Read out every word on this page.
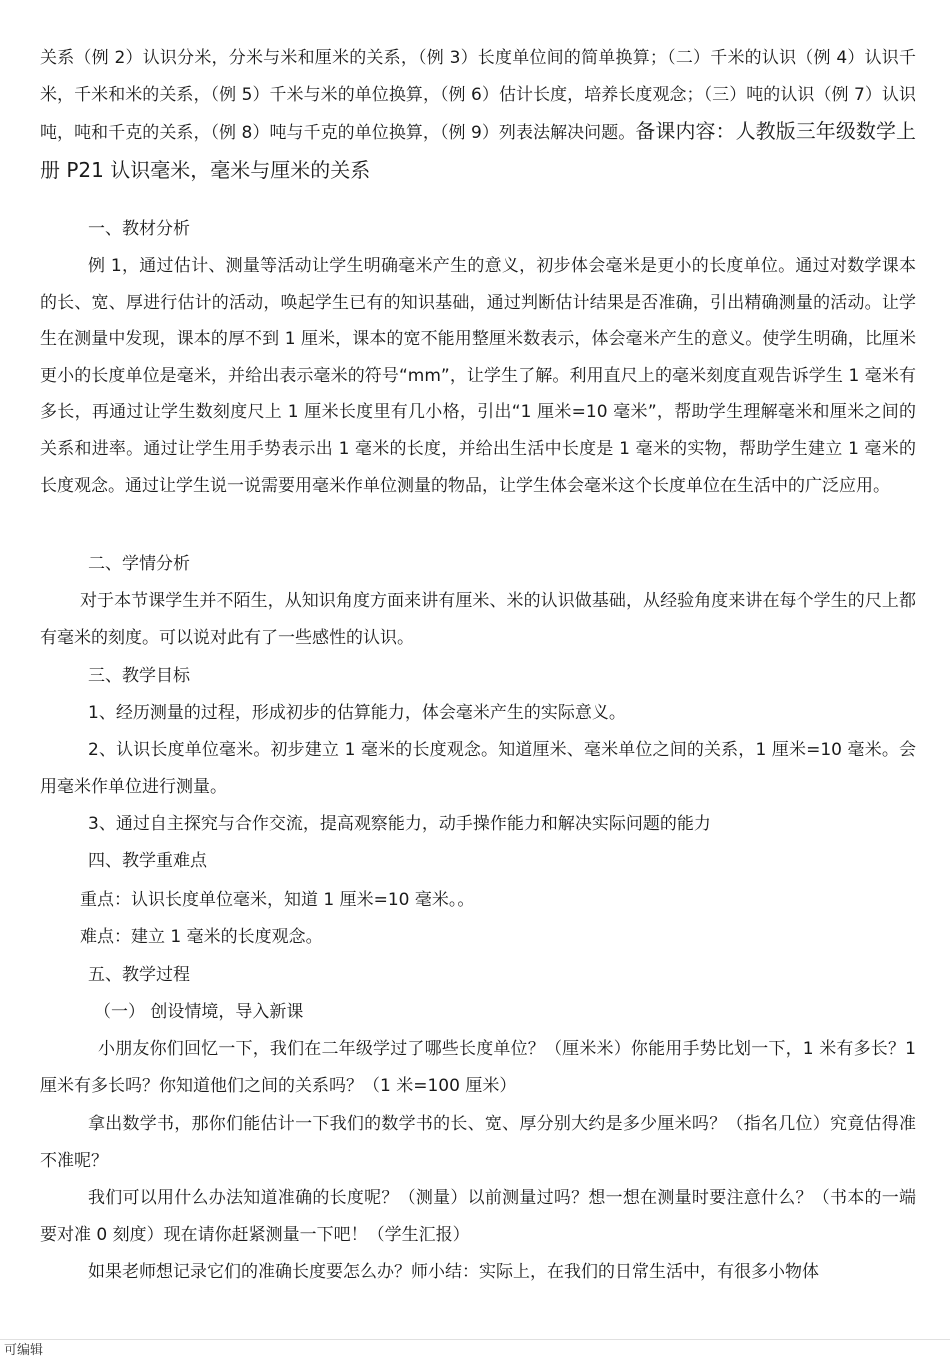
关系（例 2）认识分米，分米与米和厘米的关系，（例 3）长度单位间的简单换算；（二）千米的认识（例 4）认识千米，千米和米的关系，（例 5）千米与米的单位换算，（例 6）估计长度，培养长度观念；（三）吨的认识（例 7）认识吨，吨和千克的关系，（例 8）吨与千克的单位换算，（例 9）列表法解决问题。备课内容：人教版三年级数学上册 P21 认识毫米，毫米与厘米的关系
一、教材分析
例 1，通过估计、测量等活动让学生明确毫米产生的意义，初步体会毫米是更小的长度单位。通过对数学课本的长、宽、厚进行估计的活动，唤起学生已有的知识基础，通过判断估计结果是否准确，引出精确测量的活动。让学生在测量中发现，课本的厚不到 1 厘米，课本的宽不能用整厘米数表示，体会毫米产生的意义。使学生明确，比厘米更小的长度单位是毫米，并给出表示毫米的符号“mm”，让学生了解。利用直尺上的毫米刻度直观告诉学生 1 毫米有多长，再通过让学生数刻度尺上 1 厘米长度里有几小格，引出“1 厘米=10 毫米”，帮助学生理解毫米和厘米之间的关系和进率。通过让学生用手势表示出 1 毫米的长度，并给出生活中长度是 1 毫米的实物，帮助学生建立 1 毫米的长度观念。通过让学生说一说需要用毫米作单位测量的物品，让学生体会毫米这个长度单位在生活中的广泛应用。
二、学情分析
对于本节课学生并不陌生，从知识角度方面来讲有厘米、米的认识做基础，从经验角度来讲在每个学生的尺上都有毫米的刻度。可以说对此有了一些感性的认识。
三、教学目标
1、经历测量的过程，形成初步的估算能力，体会毫米产生的实际意义。
2、认识长度单位毫米。初步建立 1 毫米的长度观念。知道厘米、毫米单位之间的关系，1 厘米=10 毫米。会用毫米作单位进行测量。
3、通过自主探究与合作交流，提高观察能力，动手操作能力和解决实际问题的能力
四、教学重难点
重点：认识长度单位毫米，知道 1 厘米=10 毫米。。
难点：建立 1 毫米的长度观念。
五、教学过程
（一） 创设情境，导入新课
小朋友你们回忆一下，我们在二年级学过了哪些长度单位？（厘米米）你能用手势比划一下，1 米有多长？1 厘米有多长吗？你知道他们之间的关系吗？（1 米=100 厘米）
拿出数学书，那你们能估计一下我们的数学书的长、宽、厚分别大约是多少厘米吗？（指名几位）究竟估得准不准呢？
我们可以用什么办法知道准确的长度呢？（测量）以前测量过吗？想一想在测量时要注意什么？（书本的一端要对准 0 刻度）现在请你赶紧测量一下吧！（学生汇报）
如果老师想记录它们的准确长度要怎么办？师小结：实际上，在我们的日常生活中，有很多小物体
可编辑
